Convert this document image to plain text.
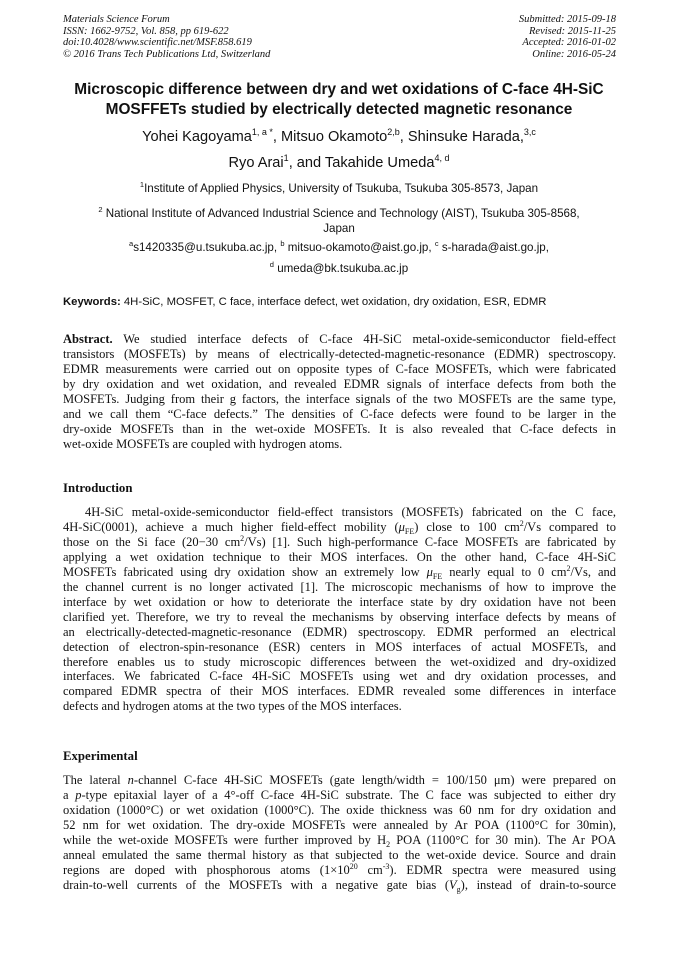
Materials Science Forum
ISSN: 1662-9752, Vol. 858, pp 619-622
doi:10.4028/www.scientific.net/MSF.858.619
© 2016 Trans Tech Publications Ltd, Switzerland
Submitted: 2015-09-18
Revised: 2015-11-25
Accepted: 2016-01-02
Online: 2016-05-24
Microscopic difference between dry and wet oxidations of C-face 4H-SiC
MOSFFETs studied by electrically detected magnetic resonance
Yohei Kagoyama$^{1, a *}$, Mitsuo Okamoto$^{2,b}$, Shinsuke Harada,$^{3,c}$
Ryo Arai$^1$, and Takahide Umeda$^{4, d}$
$^1$Institute of Applied Physics, University of Tsukuba, Tsukuba 305-8573, Japan
$^2$ National Institute of Advanced Industrial Science and Technology (AIST), Tsukuba 305-8568,
Japan
$^a$s1420335@u.tsukuba.ac.jp, $^b$ mitsuo-okamoto@aist.go.jp, $^c$ s-harada@aist.go.jp,
$^d$ umeda@bk.tsukuba.ac.jp
Keywords: 4H-SiC, MOSFET, C face, interface defect, wet oxidation, dry oxidation, ESR, EDMR
Abstract. We studied interface defects of C-face 4H-SiC metal-oxide-semiconductor field-effect
transistors (MOSFETs) by means of electrically-detected-magnetic-resonance (EDMR) spectroscopy.
EDMR measurements were carried out on opposite types of C-face MOSFETs, which were fabricated
by dry oxidation and wet oxidation, and revealed EDMR signals of interface defects from both the
MOSFETs. Judging from their g factors, the interface signals of the two MOSFETs are the same type,
and we call them “C-face defects.” The densities of C-face defects were found to be larger in the
dry-oxide MOSFETs than in the wet-oxide MOSFETs. It is also revealed that C-face defects in
wet-oxide MOSFETs are coupled with hydrogen atoms.
Introduction
4H-SiC metal-oxide-semiconductor field-effect transistors (MOSFETs) fabricated on the C face,
4H-SiC(0001), achieve a much higher field-effect mobility $(\mu_{FE})$ close to 100 $cm^2/Vs$ compared to
those on the Si face (20−30 $cm^2/Vs$) [1]. Such high-performance C-face MOSFETs are fabricated by
applying a wet oxidation technique to their MOS interfaces. On the other hand, C-face 4H-SiC
MOSFETs fabricated using dry oxidation show an extremely low $\mu_{FE}$ nearly equal to 0 $cm^2/Vs$, and
the channel current is no longer activated [1]. The microscopic mechanisms of how to improve the
interface by wet oxidation or how to deteriorate the interface state by dry oxidation have not been
clarified yet. Therefore, we try to reveal the mechanisms by observing interface defects by means of
an electrically-detected-magnetic-resonance (EDMR) spectroscopy. EDMR performed an electrical
detection of electron-spin-resonance (ESR) centers in MOS interfaces of actual MOSFETs, and
therefore enables us to study microscopic differences between the wet-oxidized and dry-oxidized
interfaces. We fabricated C-face 4H-SiC MOSFETs using wet and dry oxidation processes, and
compared EDMR spectra of their MOS interfaces. EDMR revealed some differences in interface
defects and hydrogen atoms at the two types of the MOS interfaces.
Experimental
The lateral n-channel C-face 4H-SiC MOSFETs (gate length/width = 100/150 μm) were prepared on
a p-type epitaxial layer of a 4°-off C-face 4H-SiC substrate. The C face was subjected to either dry
oxidation (1000°C) or wet oxidation (1000°C). The oxide thickness was 60 nm for dry oxidation and
52 nm for wet oxidation. The dry-oxide MOSFETs were annealed by Ar POA (1100°C for 30min),
while the wet-oxide MOSFETs were further improved by $H_2$ POA (1100°C for 30 min). The Ar POA
anneal emulated the same thermal history as that subjected to the wet-oxide device. Source and drain
regions are doped with phosphorous atoms ($1\times 10^{20}$ $cm^{-3}$). EDMR spectra were measured using
drain-to-well currents of the MOSFETs with a negative gate bias $(V_g)$, instead of drain-to-source
